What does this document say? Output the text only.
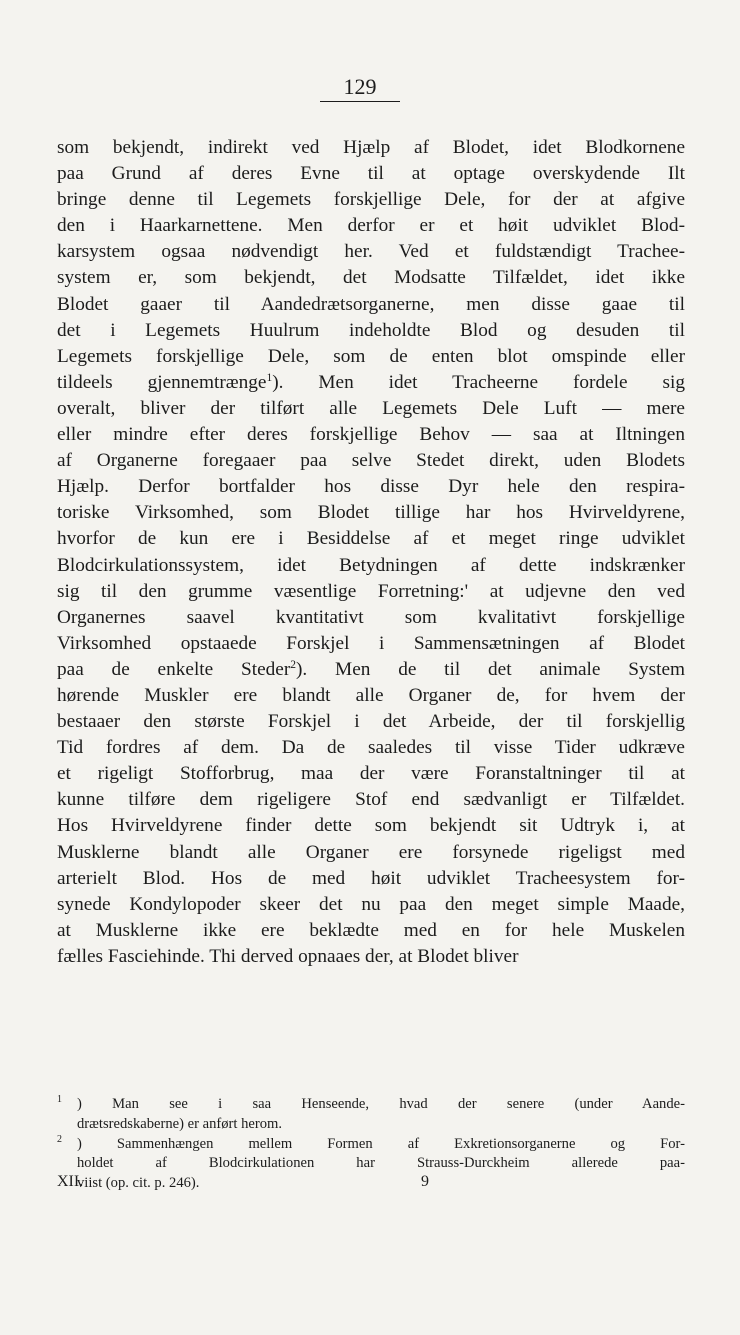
129
som bekjendt, indirekt ved Hjælp af Blodet, idet Blodkornene
paa Grund af deres Evne til at optage overskydende Ilt
bringe denne til Legemets forskjellige Dele, for der at afgive
den i Haarkarnettene. Men derfor er et høit udviklet Blod-
karsystem ogsaa nødvendigt her. Ved et fuldstændigt Trachee-
system er, som bekjendt, det Modsatte Tilfældet, idet ikke
Blodet gaaer til Aandedrætsorganerne, men disse gaae til
det i Legemets Huulrum indeholdte Blod og desuden til
Legemets forskjellige Dele, som de enten blot omspinde eller
tildeels gjennemtrænge$^1$). Men idet Tracheerne fordele sig
overalt, bliver der tilført alle Legemets Dele Luft — mere
eller mindre efter deres forskjellige Behov — saa at Iltningen
af Organerne foregaaer paa selve Stedet direkt, uden Blodets
Hjælp. Derfor bortfalder hos disse Dyr hele den respira-
toriske Virksomhed, som Blodet tillige har hos Hvirveldyrene,
hvorfor de kun ere i Besiddelse af et meget ringe udviklet
Blodcirkulationssystem, idet Betydningen af dette indskrænker
sig til den grumme væsentlige Forretning:' at udjevne den ved
Organernes saavel kvantitativt som kvalitativt forskjellige
Virksomhed opstaaede Forskjel i Sammensætningen af Blodet
paa de enkelte Steder$^2$). Men de til det animale System
hørende Muskler ere blandt alle Organer de, for hvem der
bestaaer den største Forskjel i det Arbeide, der til forskjellig
Tid fordres af dem. Da de saaledes til visse Tider udkræve
et rigeligt Stofforbrug, maa der være Foranstaltninger til at
kunne tilføre dem rigeligere Stof end sædvanligt er Tilfældet.
Hos Hvirveldyrene finder dette som bekjendt sit Udtryk i, at
Musklerne blandt alle Organer ere forsynede rigeligst med
arterielt Blod. Hos de med høit udviklet Tracheesystem for-
synede Kondylopoder skeer det nu paa den meget simple Maade,
at Musklerne ikke ere beklædte med en for hele Muskelen
fælles Fasciehinde. Thi derved opnaaes der, at Blodet bliver
$^1$ ) Man see i saa Henseende, hvad der senere (under Aande-
drætsredskaberne) er anført herom.
$^2$ ) Sammenhængen mellem Formen af Exkretionsorganerne og For-
holdet af Blodcirkulationen har Strauss-Durckheim allerede paa-
viist (op. cit. p. 246).
XII.	9
